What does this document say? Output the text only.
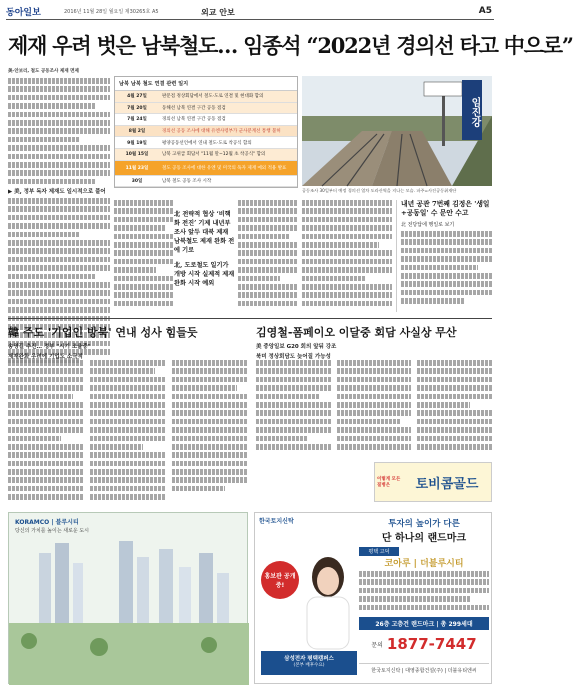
동아일보	2016년 11월 28일 월요일 제30265호 A5	외교 안보	A5
제재 우려 벗은 남북철도… 임종석 “2022년 경의선 타고 中으로”
美-안보리, 철도 공동조사 제재 면제
▶ 美, 정부 독자 제재도 일시적으로 풀어
남북 남북 철도 연결 관련 일지
4월 27일	판문점 정상회담에서 철도·도로 연결 및 현대화 합의
7월 20일	동해선 남북 연결 구간 공동 점검
7월 24일	경의선 남북 연결 구간 공동 점검
8월 2일	경의선 공동 조사에 대해 유엔사령부가 군사분계선 통행 불허
9월 19일	평양공동선언에서 연내 철도·도로 착공식 합의
10월 15일	남북 고위급 회담서 "11월 말∼12월 초 착공식" 합의
11월 23일	철도 공동 조사에 대한 유엔 및 미국의 독자 제재 예외 적용 발표
30일	남북 철도 공동 조사 시작
임진강
공동조사 30일부터 예정 경의선 열차 도라산역을 지나는 모습. 파주=사진공동취재단
北 전략적 협상 ‘비핵화 전진’ 기제 내년부 조사 앞두 대북 제재 남북철도 제재 완화 전에 기로
北, 도로철도 일기가 개방 시작 실제적 제재 완화 시작 예외
내년 공관 7번째 김정은 '생일+공동일' 수 문안 수고
北 전당답에 행일로 보기
韓 주도 '기업인 방북' 연내 성사 힘들듯
송영길 추진… 정부 "시기 조율중"
제재완화 우려에 기업도 소극적
김영철-폼페이오 이달중 회담 사실상 무산
美 중앙일보 G20 회의 앞둬 강조
북미 정상회담도 늦어질 가능성
이렇게 모든 질병은	토비콤골드
KORAMCO | 블루시티
당신의 가치를 높이는 새로운 도시
한국토지신탁	투자의 높이가 다른
단 하나의 랜드마크
평택 고덕
코아루 | 더블루시티
홍보관 공개중!
삼성전자 평택캠퍼스
(본부 배후수요)
26층 고층건 랜드마크 | 총 299세대
문의 1877-7447
한국토지신탁 | 대영종합건설(주) | 더블유티엔씨
